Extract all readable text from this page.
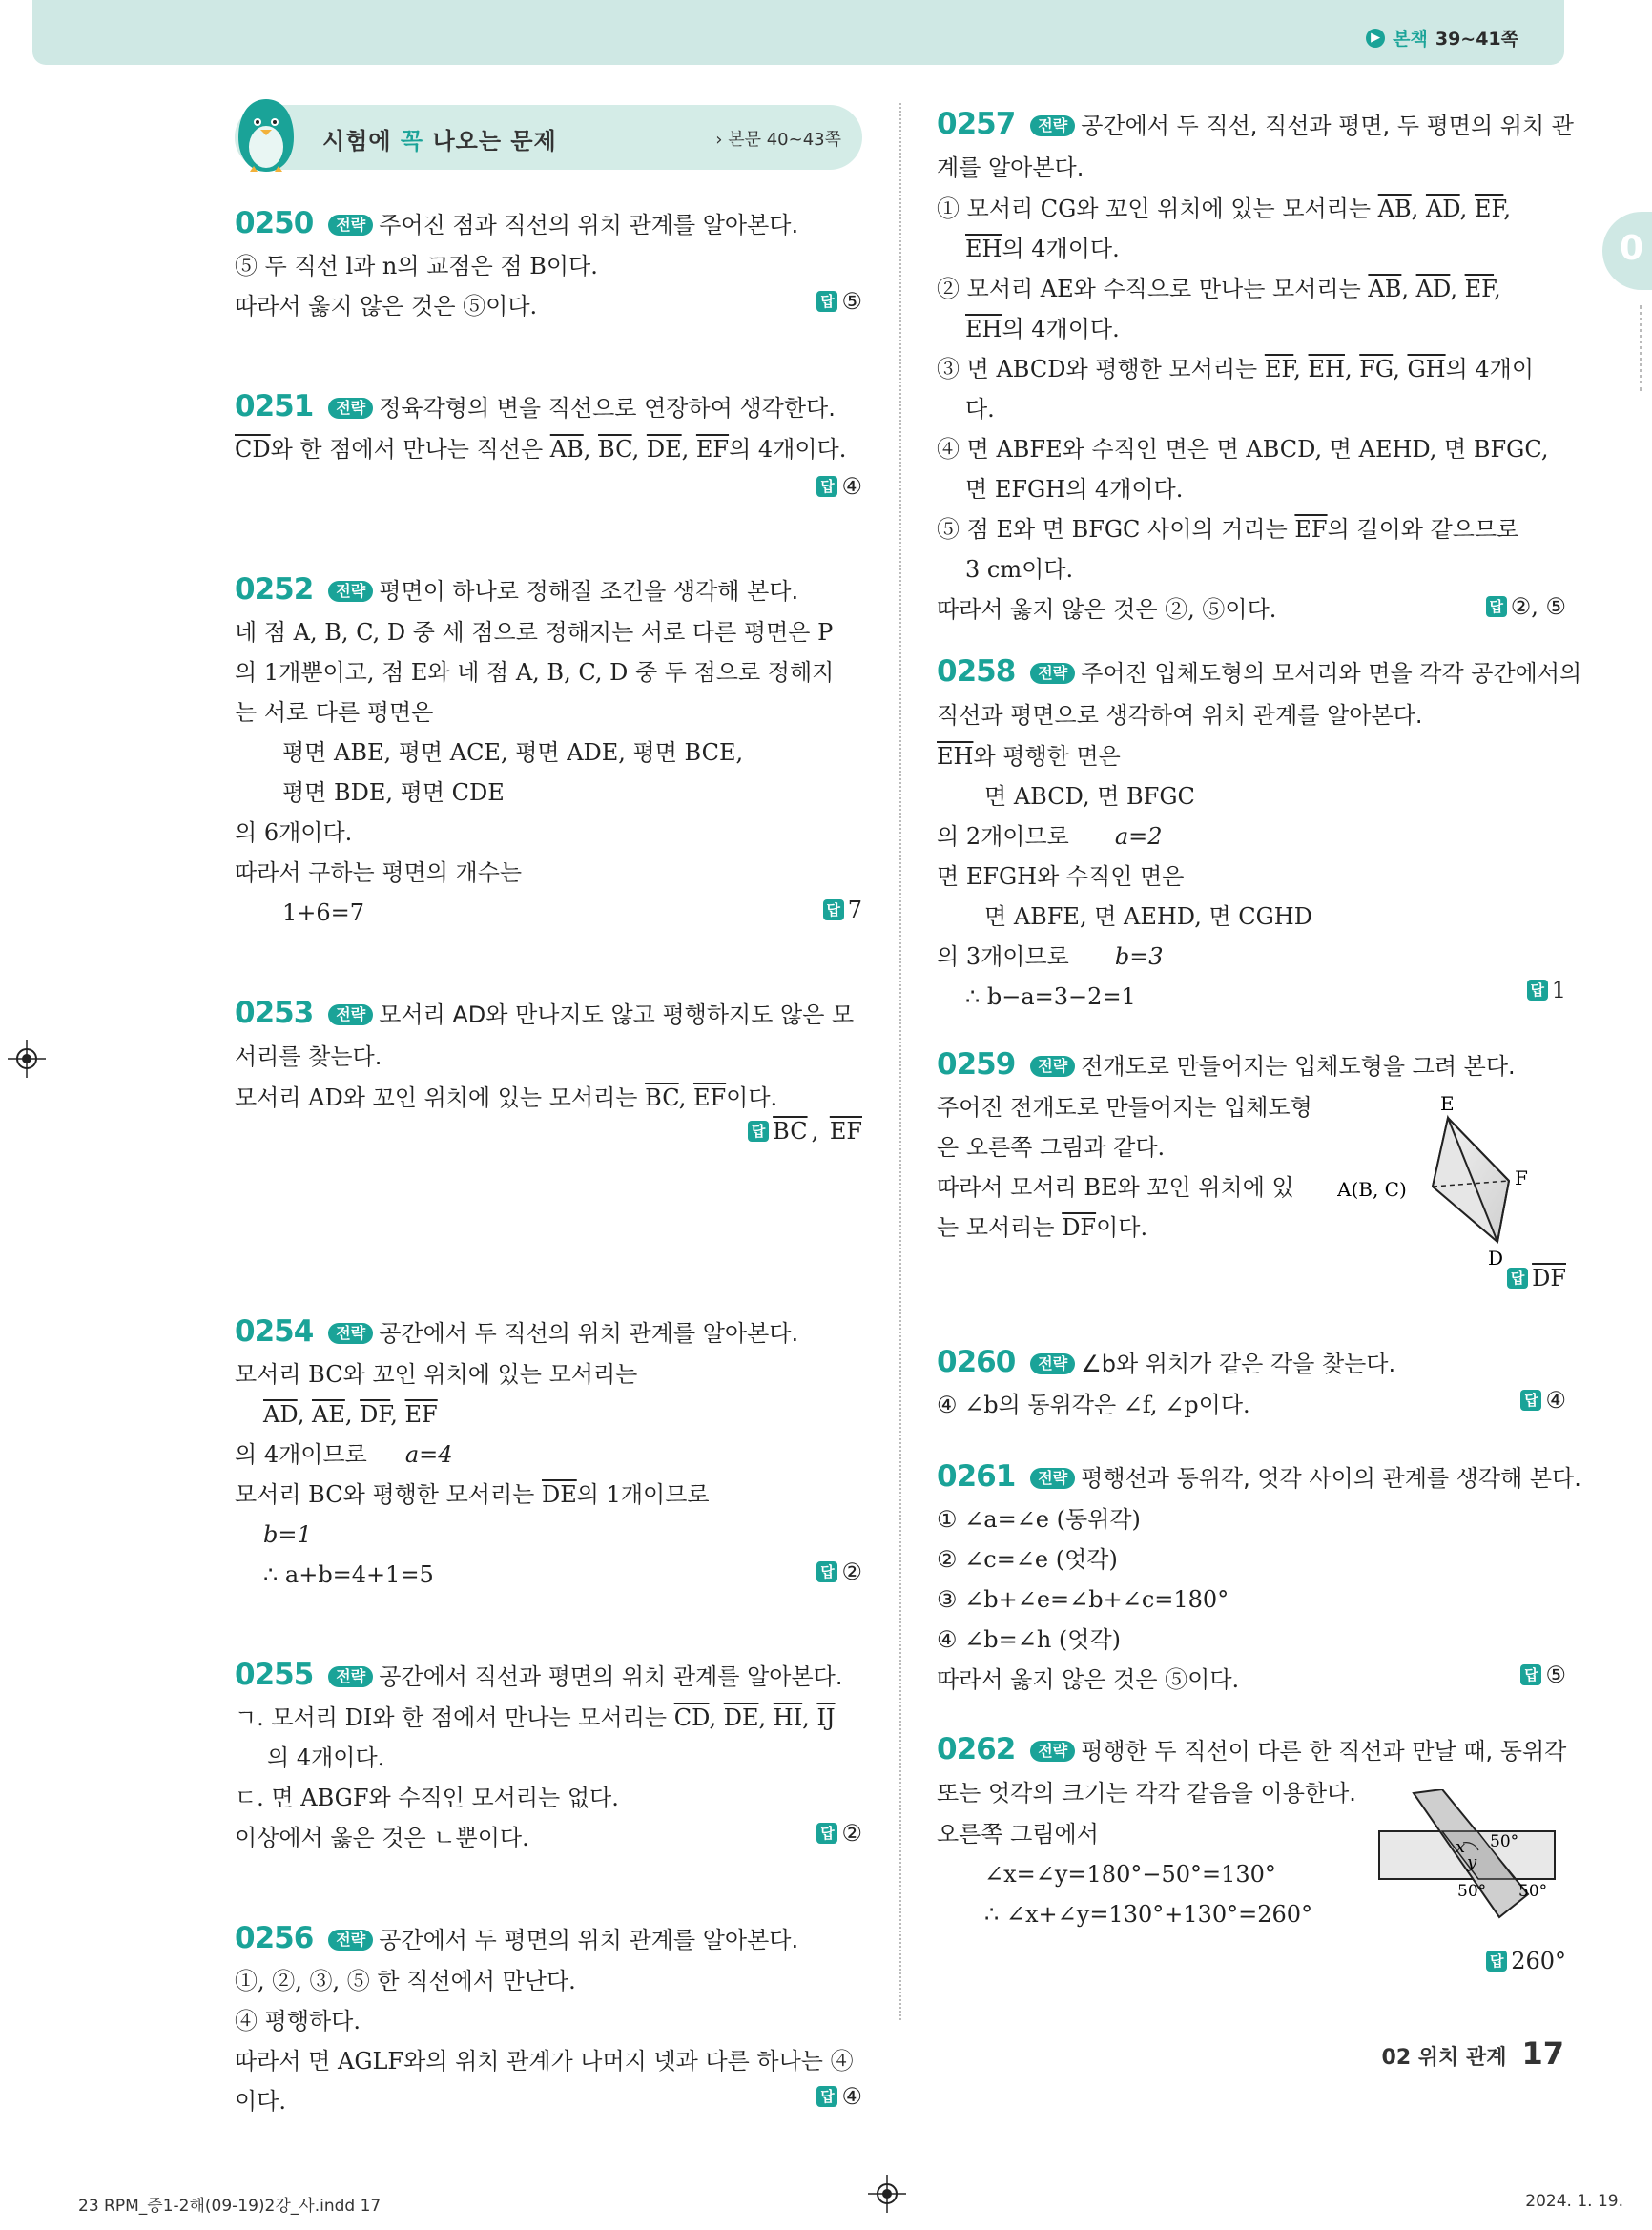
▶ 본책 39~41쪽
0
시험에 꼭 나오는 문제	› 본문 40~43쪽
0250 전략 주어진 점과 직선의 위치 관계를 알아본다.
⑤ 두 직선 l과 n의 교점은 점 B이다.
따라서 옳지 않은 것은 ⑤이다.	답 ⑤
0251 전략 정육각형의 변을 직선으로 연장하여 생각한다.
$\overline{CD}$와 한 점에서 만나는 직선은 $\overline{AB}$, $\overline{BC}$, $\overline{DE}$, $\overline{EF}$의 4개이다.
답 ④
0252 전략 평면이 하나로 정해질 조건을 생각해 본다.
네 점 A, B, C, D 중 세 점으로 정해지는 서로 다른 평면은 P
의 1개뿐이고, 점 E와 네 점 A, B, C, D 중 두 점으로 정해지
는 서로 다른 평면은
평면 ABE, 평면 ACE, 평면 ADE, 평면 BCE,
평면 BDE, 평면 CDE
의 6개이다.
따라서 구하는 평면의 개수는
1+6=7	답 7
0253 전략 모서리 AD와 만나지도 않고 평행하지도 않은 모
서리를 찾는다.
모서리 AD와 꼬인 위치에 있는 모서리는 $\overline{BC}$, $\overline{EF}$이다.
답 $\overline{BC}$ , $\overline{EF}$
0254 전략 공간에서 두 직선의 위치 관계를 알아본다.
모서리 BC와 꼬인 위치에 있는 모서리는
$\overline{AD}$, $\overline{AE}$, $\overline{DF}$, $\overline{EF}$
의 4개이므로 a=4
모서리 BC와 평행한 모서리는 $\overline{DE}$의 1개이므로
b=1
∴ a+b=4+1=5	답 ②
0255 전략 공간에서 직선과 평면의 위치 관계를 알아본다.
ㄱ. 모서리 DI와 한 점에서 만나는 모서리는 $\overline{CD}$, $\overline{DE}$, $\overline{HI}$, $\overline{IJ}$
의 4개이다.
ㄷ. 면 ABGF와 수직인 모서리는 없다.
이상에서 옳은 것은 ㄴ뿐이다.	답 ②
0256 전략 공간에서 두 평면의 위치 관계를 알아본다.
①, ②, ③, ⑤ 한 직선에서 만난다.
④ 평행하다.
따라서 면 AGLF와의 위치 관계가 나머지 넷과 다른 하나는 ④
이다.	답 ④
0257 전략 공간에서 두 직선, 직선과 평면, 두 평면의 위치 관
계를 알아본다.
① 모서리 CG와 꼬인 위치에 있는 모서리는 $\overline{AB}$, $\overline{AD}$, $\overline{EF}$,
$\overline{EH}$의 4개이다.
② 모서리 AE와 수직으로 만나는 모서리는 $\overline{AB}$, $\overline{AD}$, $\overline{EF}$,
$\overline{EH}$의 4개이다.
③ 면 ABCD와 평행한 모서리는 $\overline{EF}$, $\overline{EH}$, $\overline{FG}$, $\overline{GH}$의 4개이
다.
④ 면 ABFE와 수직인 면은 면 ABCD, 면 AEHD, 면 BFGC,
면 EFGH의 4개이다.
⑤ 점 E와 면 BFGC 사이의 거리는 $\overline{EF}$의 길이와 같으므로
3 cm이다.
따라서 옳지 않은 것은 ②, ⑤이다.	답 ②, ⑤
0258 전략 주어진 입체도형의 모서리와 면을 각각 공간에서의
직선과 평면으로 생각하여 위치 관계를 알아본다.
$\overline{EH}$와 평행한 면은
면 ABCD, 면 BFGC
의 2개이므로 a=2
면 EFGH와 수직인 면은
면 ABFE, 면 AEHD, 면 CGHD
의 3개이므로 b=3
∴ b−a=3−2=1	답 1
0259 전략 전개도로 만들어지는 입체도형을 그려 본다.
주어진 전개도로 만들어지는 입체도형
은 오른쪽 그림과 같다.
따라서 모서리 BE와 꼬인 위치에 있
는 모서리는 $\overline{DF}$이다.
E
F
A(B, C)
D
답 $\overline{DF}$
0260 전략 ∠b와 위치가 같은 각을 찾는다.
④ ∠b의 동위각은 ∠f, ∠p이다.	답 ④
0261 전략 평행선과 동위각, 엇각 사이의 관계를 생각해 본다.
① ∠a=∠e (동위각)
② ∠c=∠e (엇각)
③ ∠b+∠e=∠b+∠c=180°
④ ∠b=∠h (엇각)
따라서 옳지 않은 것은 ⑤이다.	답 ⑤
0262 전략 평행한 두 직선이 다른 한 직선과 만날 때, 동위각
또는 엇각의 크기는 각각 같음을 이용한다.
오른쪽 그림에서
∠x=∠y=180°−50°=130°
∴ ∠x+∠y=130°+130°=260°
x
y
50°
50° 50°
답 260°
02 위치 관계 17
23 RPM_중1-2해(09-19)2강_사.indd 17	2024. 1. 19.
